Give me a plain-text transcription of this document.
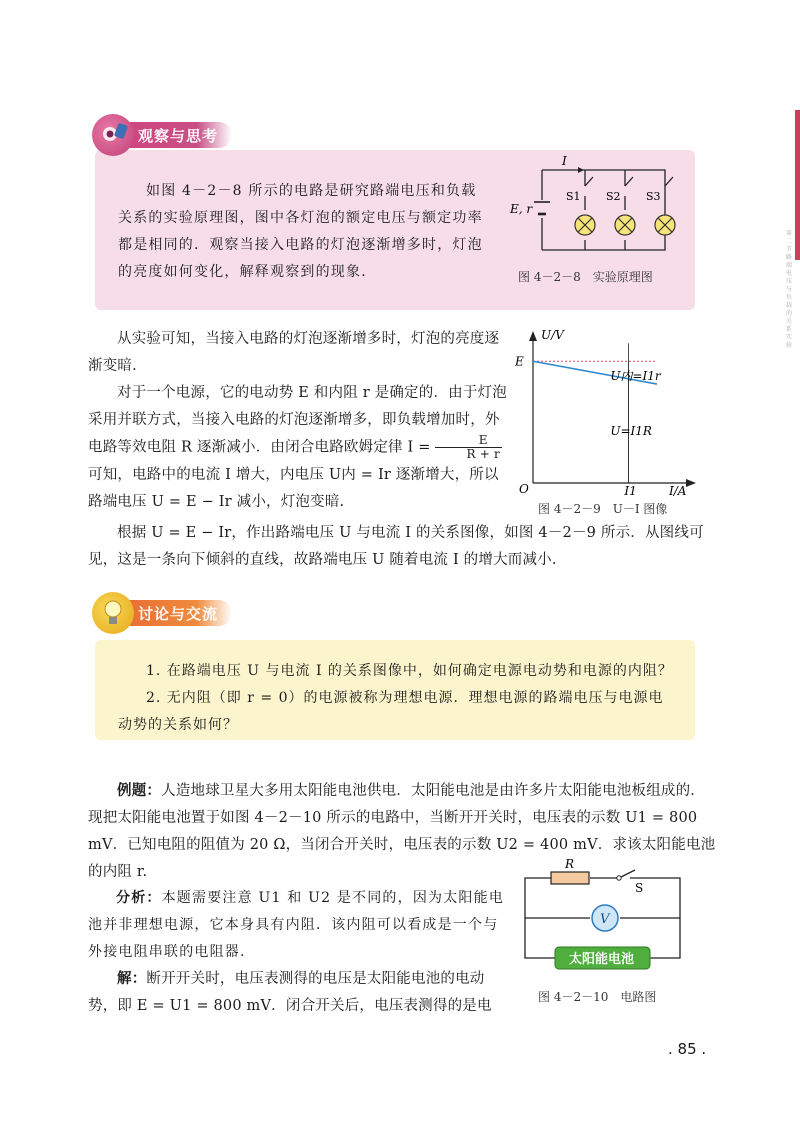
第二节 路端电压与负载的关系 实验
观察与思考
如图 4－2－8 所示的电路是研究路端电压和负载关系的实验原理图，图中各灯泡的额定电压与额定功率都是相同的．观察当接入电路的灯泡逐渐增多时，灯泡的亮度如何变化，解释观察到的现象．
I
E, r
S1 S2 S3
图 4－2－8　实验原理图
从实验可知，当接入电路的灯泡逐渐增多时，灯泡的亮度逐渐变暗.
对于一个电源，它的电动势 E 和内阻 r 是确定的．由于灯泡采用并联方式，当接入电路的灯泡逐渐增多，即负载增加时，外电路等效电阻 R 逐渐减小．由闭合电路欧姆定律 $I = \frac{E}{R + r}$
可知，电路中的电流 I 增大，内电压 U内 = Ir 逐渐增大，所以路端电压 U = E − Ir 减小，灯泡变暗.
根据 U = E − Ir，作出路端电压 U 与电流 I 的关系图像，如图 4－2－9 所示．从图线可见，这是一条向下倾斜的直线，故路端电压 U 随着电流 I 的增大而减小.
U/V
I/A
E
O	I1
U内=I1r
U=I1R
图 4－2－9　U－I 图像
讨论与交流
1. 在路端电压 U 与电流 I 的关系图像中，如何确定电源电动势和电源的内阻？
2. 无内阻（即 r = 0）的电源被称为理想电源．理想电源的路端电压与电源电动势的关系如何？
例题：人造地球卫星大多用太阳能电池供电．太阳能电池是由许多片太阳能电池板组成的．现把太阳能电池置于如图 4－2－10 所示的电路中，当断开开关时，电压表的示数 U1 = 800 mV．已知电阻的阻值为 20 Ω，当闭合开关时，电压表的示数 U2 = 400 mV．求该太阳能电池的内阻 r.
分析：本题需要注意 U1 和 U2 是不同的，因为太阳能电池并非理想电源，它本身具有内阻．该内阻可以看成是一个与外接电阻串联的电阻器.
解：断开开关时，电压表测得的电压是太阳能电池的电动势，即 E = U1 = 800 mV．闭合开关后，电压表测得的是电
V
太阳能电池
R
S
图 4－2－10　电路图
. 85 .
